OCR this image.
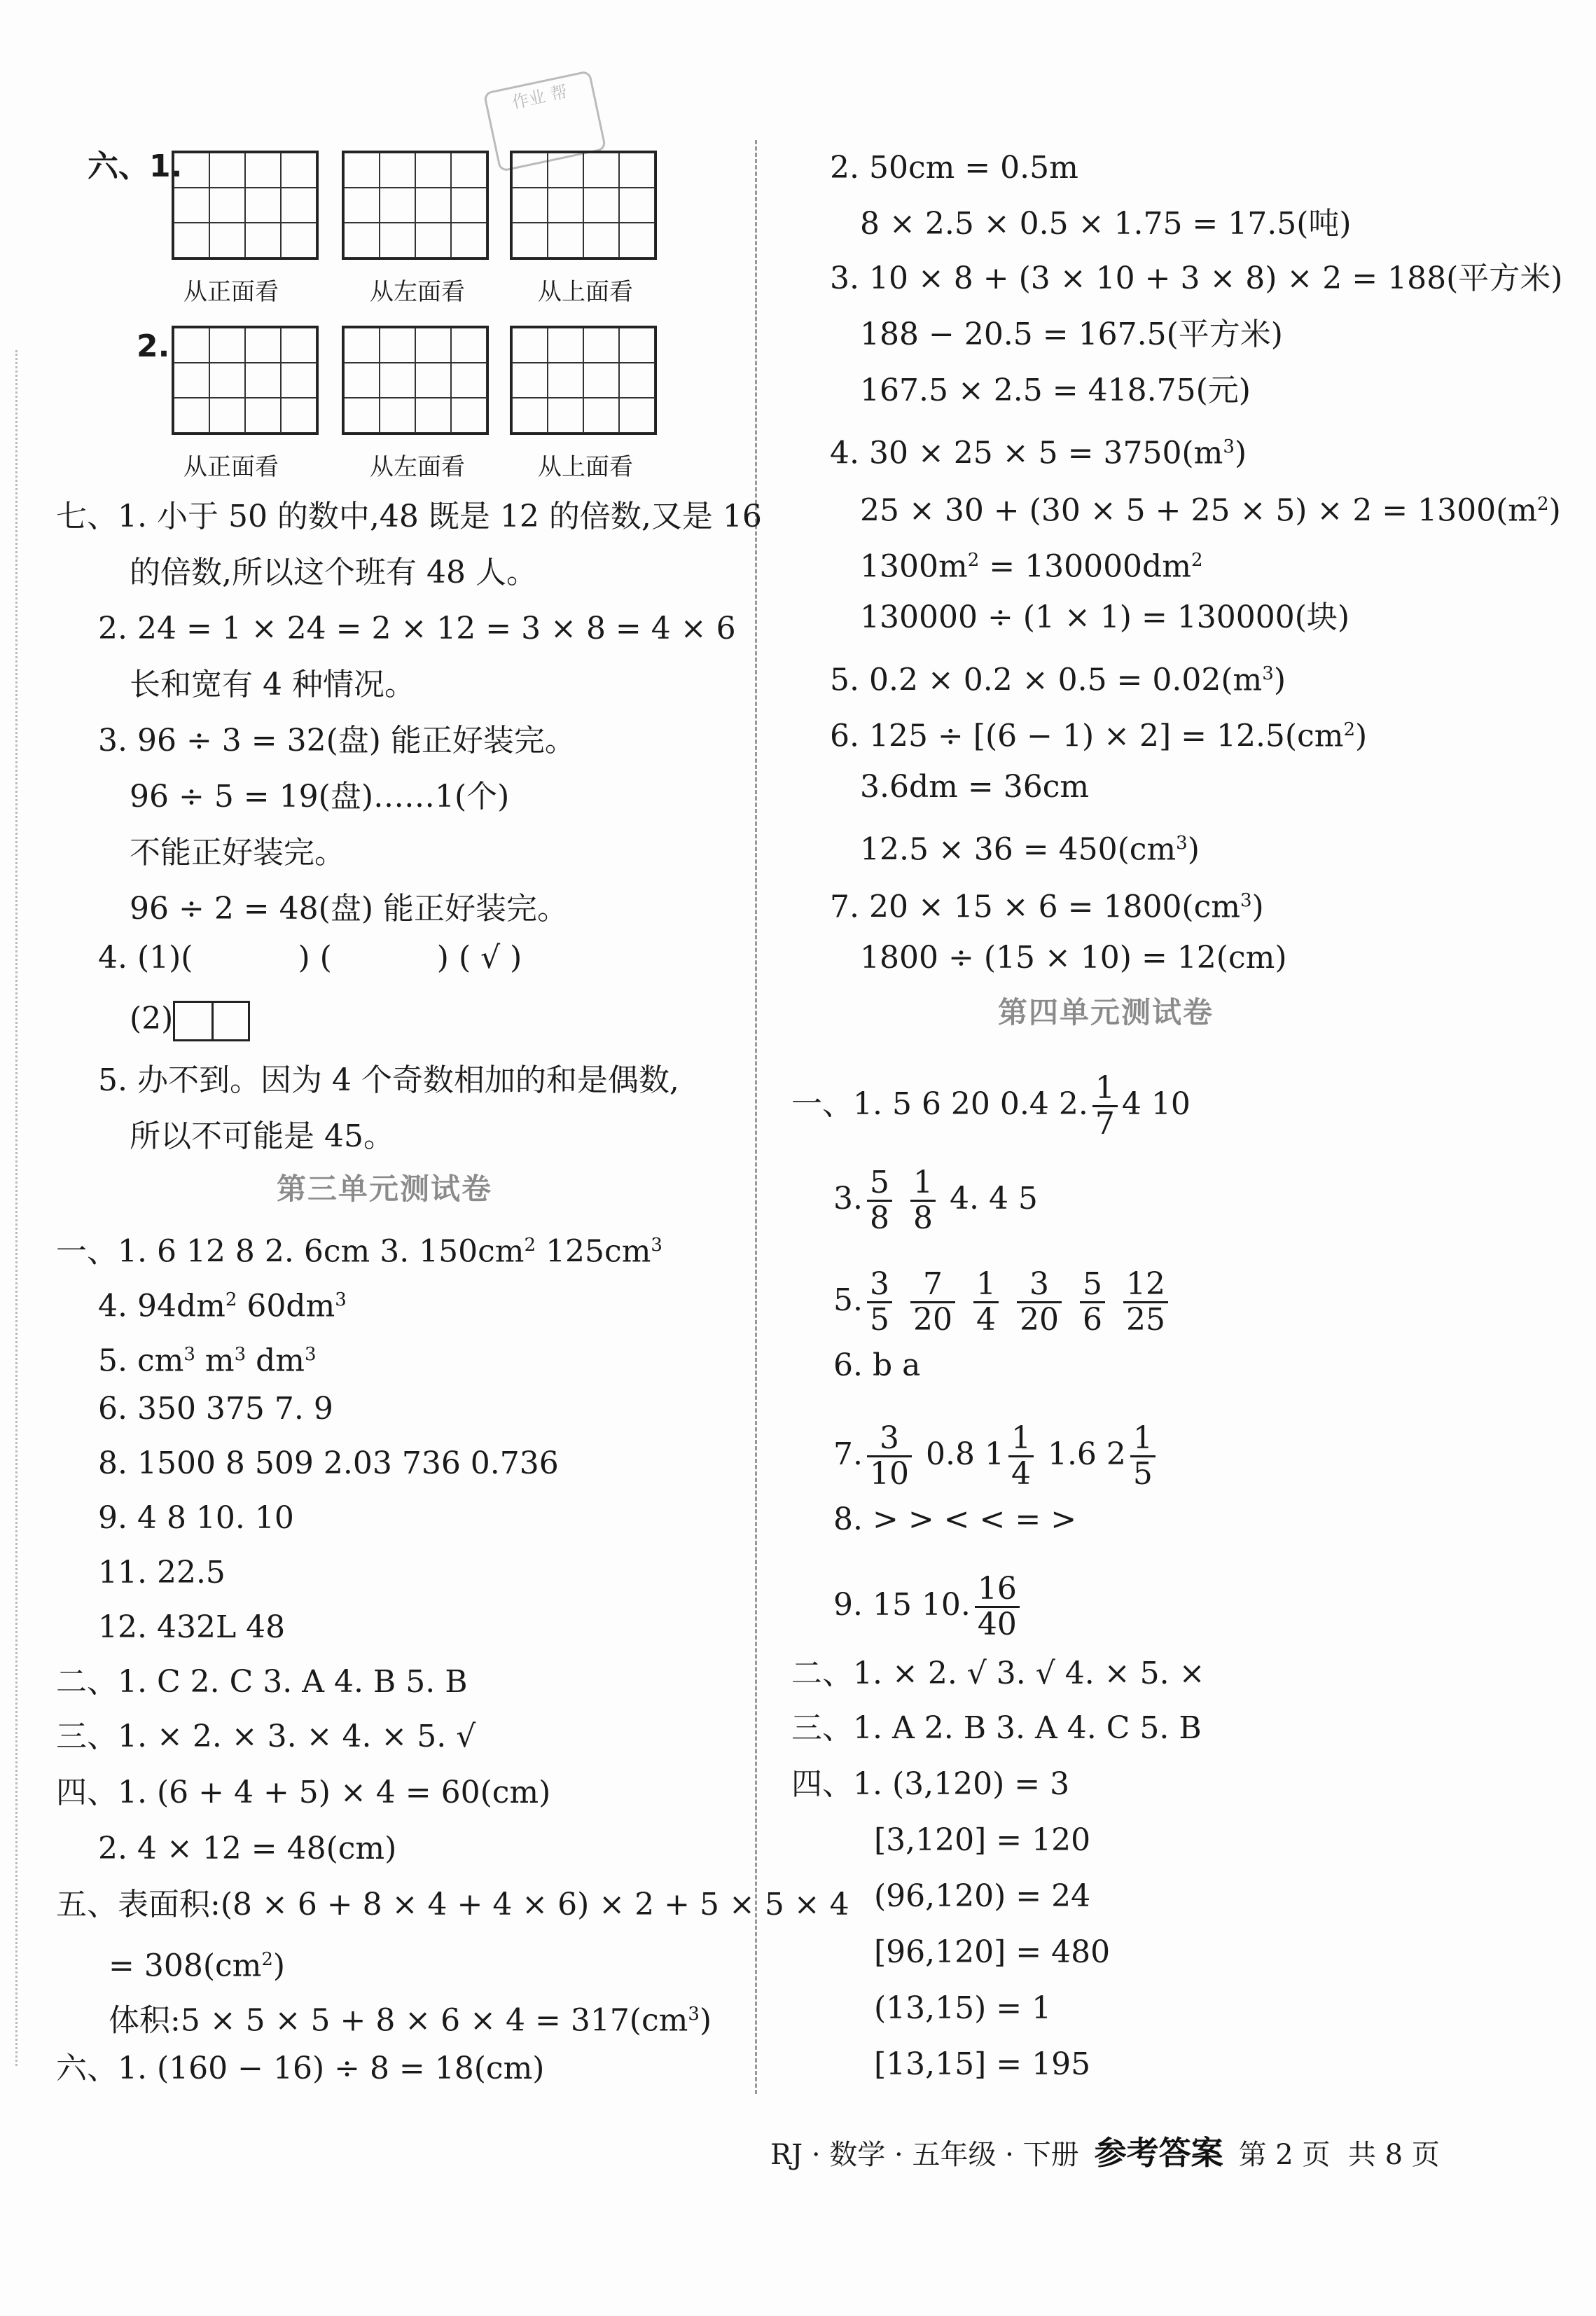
作业 帮
六、1.
从正面看	从左面看	从上面看
2.
从正面看	从左面看	从上面看
七、1. 小于 50 的数中,48 既是 12 的倍数,又是 16
的倍数,所以这个班有 48 人。
2. 24 = 1 × 24 = 2 × 12 = 3 × 8 = 4 × 6
长和宽有 4 种情况。
3. 96 ÷ 3 = 32(盘) 能正好装完。
96 ÷ 5 = 19(盘)……1(个)
不能正好装完。
96 ÷ 2 = 48(盘) 能正好装完。
4. (1)(	) (	) ( √ )
(2)
5. 办不到。因为 4 个奇数相加的和是偶数,
所以不可能是 45。
第三单元测试卷
一、1. 6 12 8 2. 6cm 3. $150cm^2$ $125cm^3$
4. $94dm^2$ $60dm^3$
5. $cm^3$ $m^3$ $dm^3$
6. 350 375 7. 9
8. 1500 8 509 2.03 736 0.736
9. 4 8 10. 10
11. 22.5
12. 432L 48
二、1. C 2. C 3. A 4. B 5. B
三、1. × 2. × 3. × 4. × 5. √
四、1. (6 + 4 + 5) × 4 = 60(cm)
2. 4 × 12 = 48(cm)
五、表面积:(8 × 6 + 8 × 4 + 4 × 6) × 2 + 5 × 5 × 4
= $308(cm^2)$
体积:5 × $5 \times 5 + 8 \times 6 \times 4 = 317(cm^3)$
六、1. (160 − 16) ÷ 8 = 18(cm)
2. 50cm = 0.5m
8 × 2.5 × 0.5 × 1.75 = 17.5(吨)
3. 10 × 8 + (3 × 10 + 3 × 8) × 2 = 188(平方米)
188 − 20.5 = 167.5(平方米)
167.5 × 2.5 = 418.75(元)
4. $30 \times 25 \times 5 = 3750(m^3)$
$25 \times 30 + (30 \times 5 + 25 \times 5) \times 2 = 1300(m^2)$
$1300m^2 = 130000dm^2$
130000 ÷ (1 × 1) = 130000(块)
5. $0.2 \times 0.2 \times 0.5 = 0.02(m^3)$
6. $125 \div [(6 - 1) \times 2] = 12.5(cm^2)$
3.6dm = 36cm
$12.5 \times 36 = 450(cm^3)$
7. $20 \times 15 \times 6 = 1800(cm^3)$
1800 ÷ (15 × 10) = 12(cm)
第四单元测试卷
一、1. 5 6 20 0.4 2. $\frac{1}{7} 4$ 10
3. $\frac{5}{8}$
$\frac{1}{8} 4$. 4 5
5. $\frac{3}{5}$
$\frac{7}{20}$
$\frac{1}{4}$
$\frac{3}{20}$
$\frac{5}{6}$
$\frac{12}{25}$
6. b a
7. $\frac{3}{10} 0.8$ $1 \frac{1}{4} 1.6$ $2 \frac{1}{5}$
8. > > < < = >
9. 15 10. $\frac{16}{40}$
二、1. × 2. √ 3. √ 4. × 5. ×
三、1. A 2. B 3. A 4. C 5. B
四、1. (3,120) = 3
[3,120] = 120
(96,120) = 24
[96,120] = 480
(13,15) = 1
[13,15] = 195
RJ · 数学 · 五年级 · 下册 参考答案 第 2 页 共 8 页
